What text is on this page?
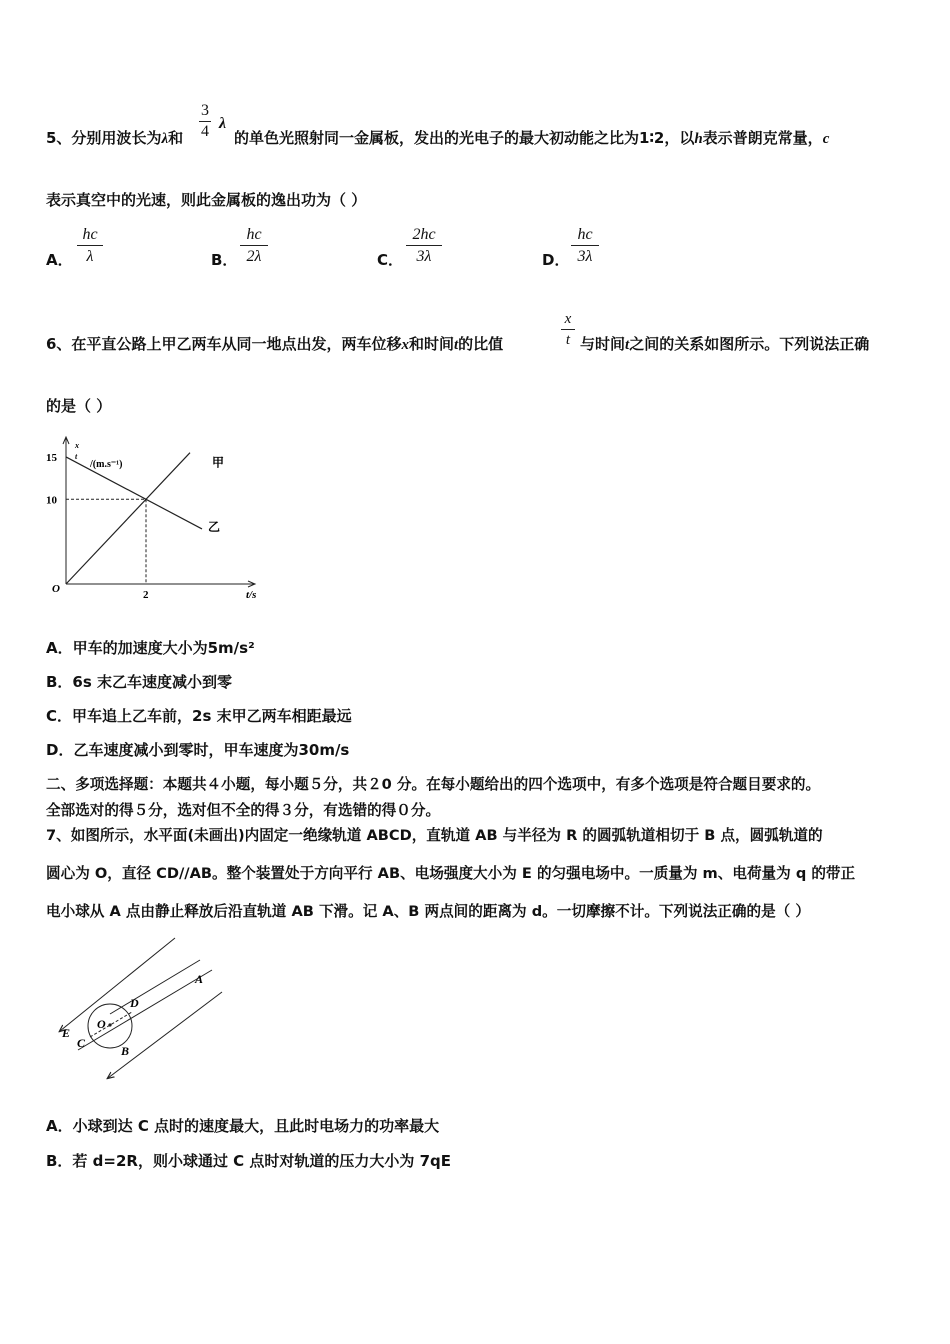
5、分别用波长为λ和 $\frac{3}{4}$ λ
的单色光照射同一金属板，发出的光电子的最大初动能之比为1∶2，以h表示普朗克常量，c
表示真空中的光速，则此金属板的逸出功为（ ）
A． $\frac{hc}{\lambda}$	B． $\frac{hc}{2\lambda}$	C． $\frac{2hc}{3\lambda}$	D． $\frac{hc}{3\lambda}$
6、在平直公路上甲乙两车从同一地点出发，两车位移x和时间t的比值	$\frac{x}{t}$ 与时间t之间的关系如图所示。下列说法正确
的是（ ）
O	t/s
x
t
/(m.s⁻¹)
10
15
2
甲
乙
A．甲车的加速度大小为5m/s²
B．6s 末乙车速度减小到零
C．甲车追上乙车前，2s 末甲乙两车相距最远
D．乙车速度减小到零时，甲车速度为30m/s
二、多项选择题：本题共４小题，每小题５分，共２0 分。在每小题给出的四个选项中，有多个选项是符合题目要求的。
全部选对的得５分，选对但不全的得３分，有选错的得０分。
7、如图所示，水平面(未画出)内固定一绝缘轨道 ABCD，直轨道 AB 与半径为 R 的圆弧轨道相切于 B 点，圆弧轨道的
圆心为 O，直径 CD//AB。整个装置处于方向平行 AB、电场强度大小为 E 的匀强电场中。一质量为 m、电荷量为 q 的带正
电小球从 A 点由静止释放后沿直轨道 AB 下滑。记 A、B 两点间的距离为 d。一切摩擦不计。下列说法正确的是（ ）
A
D
O
E
C
B
A．小球到达 C 点时的速度最大，且此时电场力的功率最大
B．若 d=2R，则小球通过 C 点时对轨道的压力大小为 7qE
